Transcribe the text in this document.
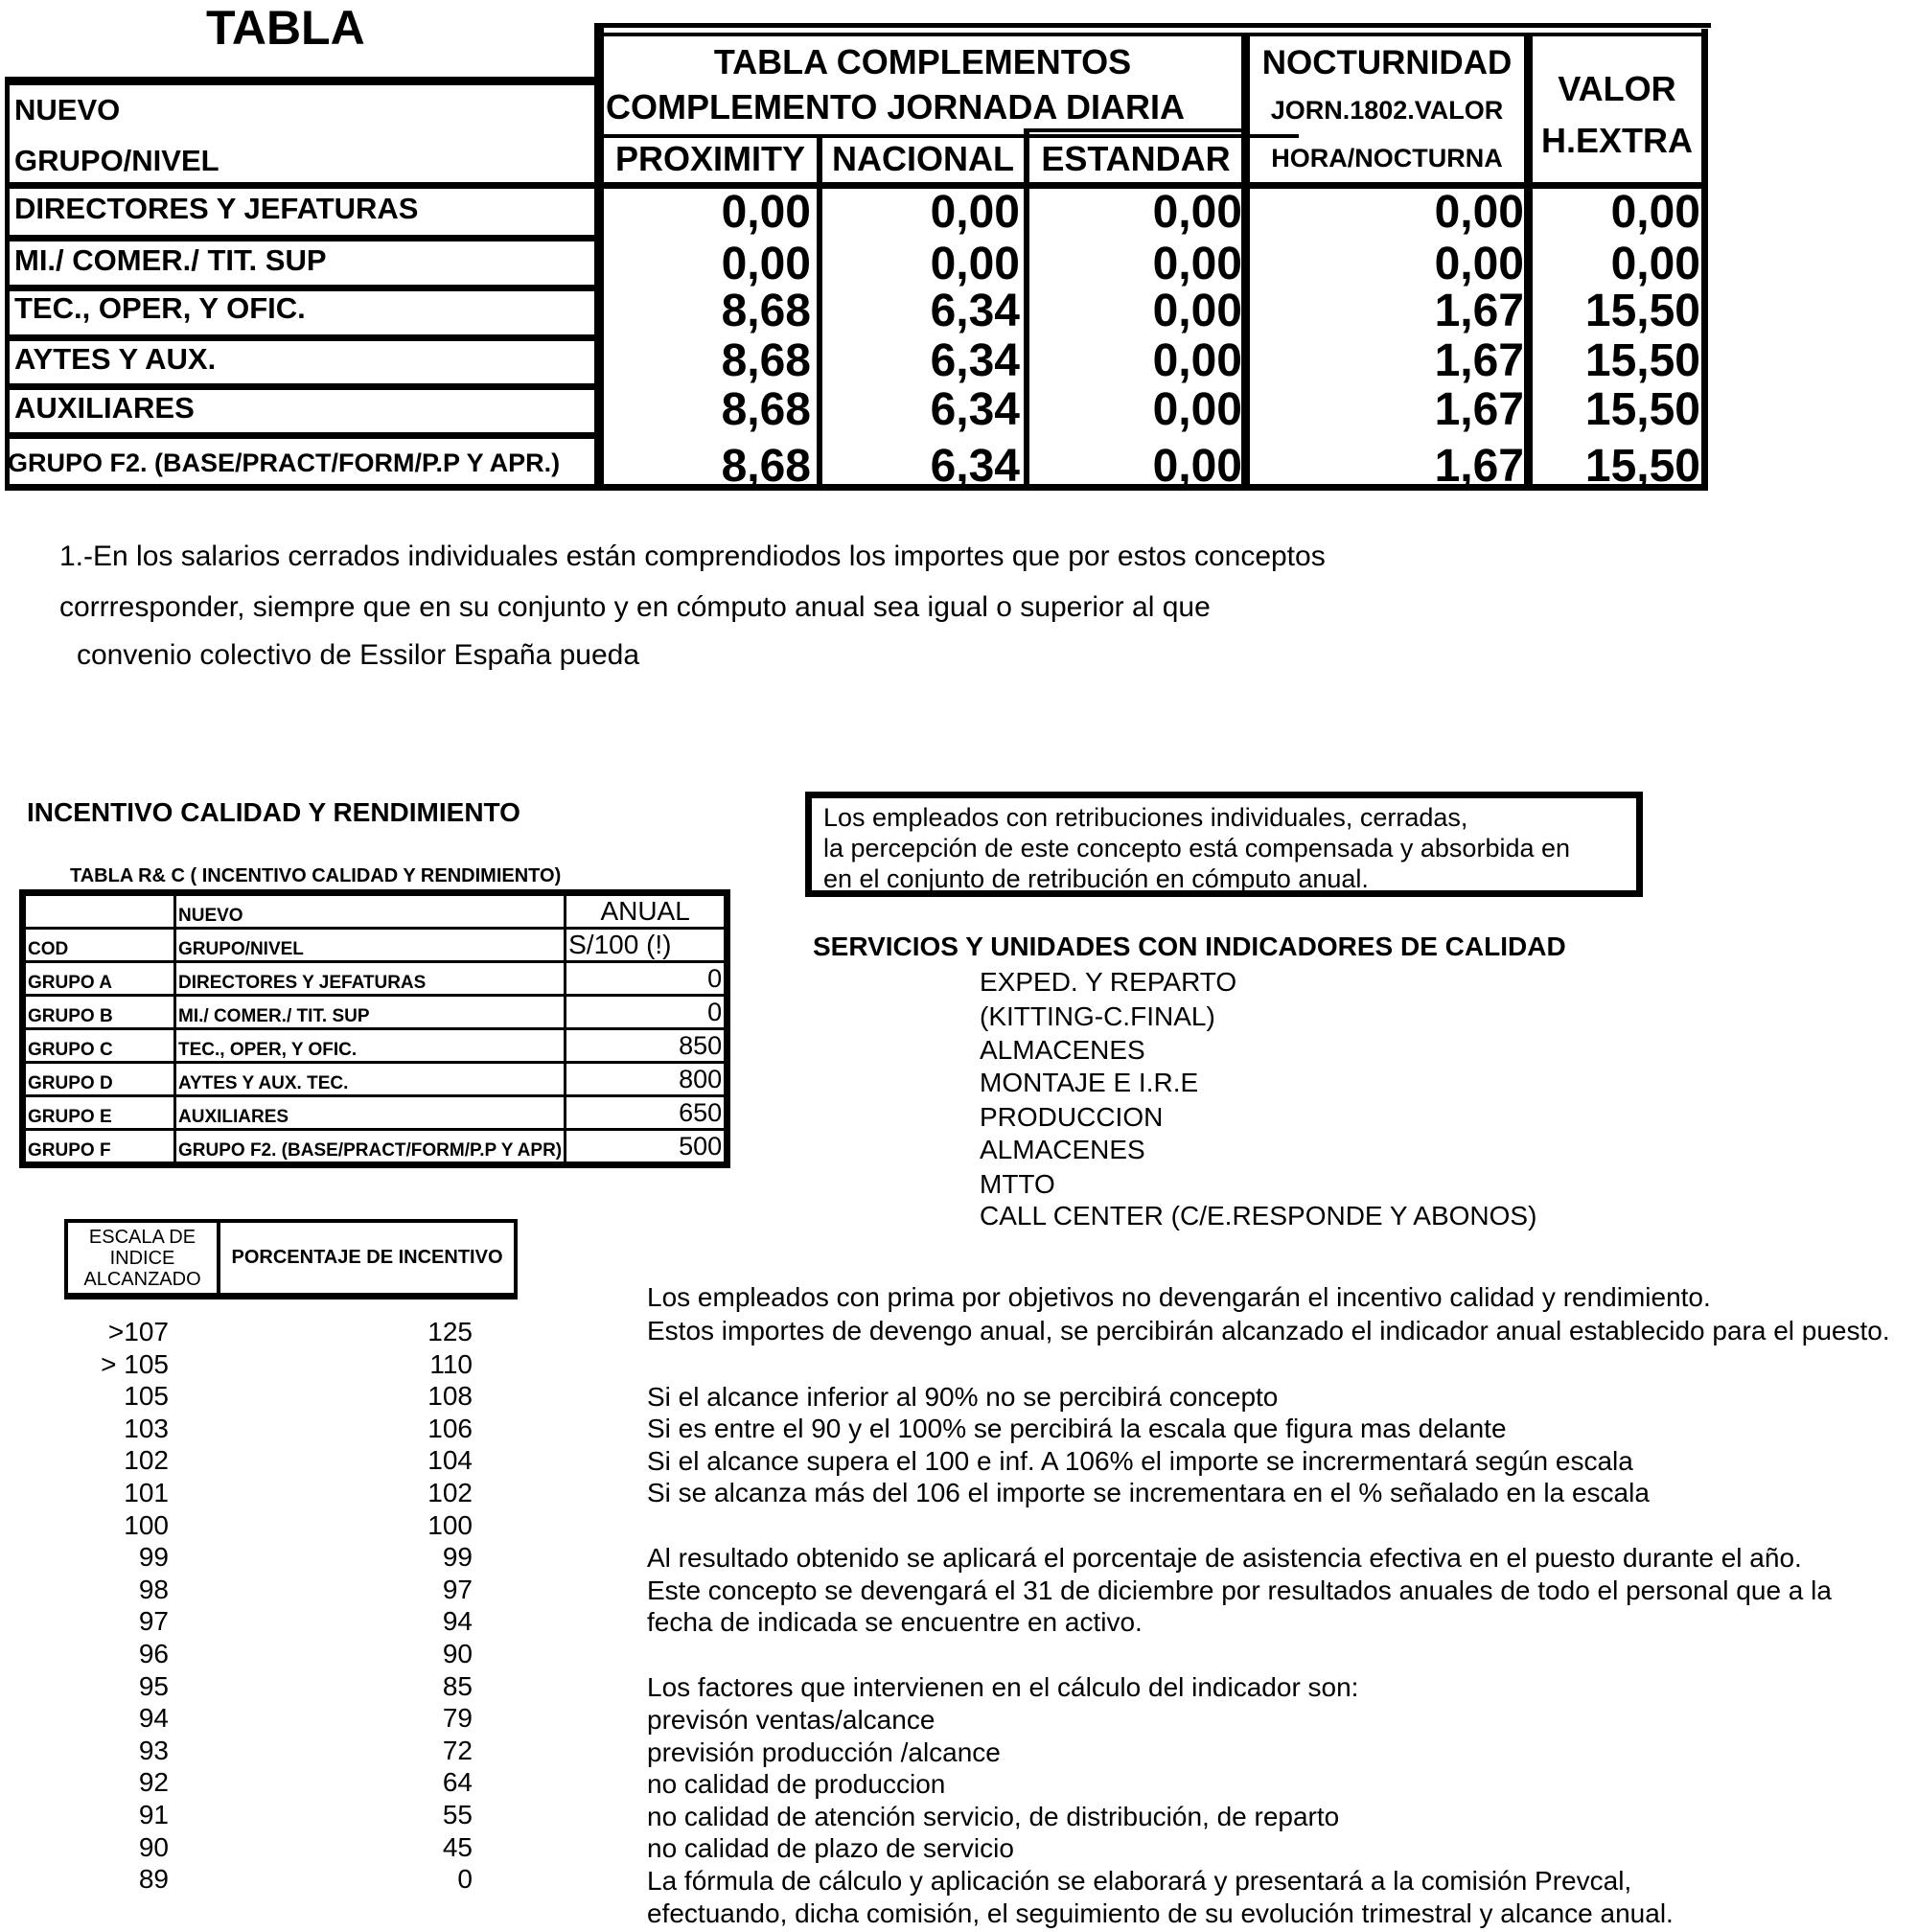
TABLA
NUEVO
GRUPO/NIVEL
TABLA COMPLEMENTOS
COMPLEMENTO JORNADA DIARIA
PROXIMITY NACIONAL ESTANDAR
NOCTURNIDAD
JORN.1802.VALOR
HORA/NOCTURNA
VALOR
H.EXTRA
DIRECTORES Y JEFATURAS	0,00	0,00	0,00	0,00 0,00
MI./ COMER./ TIT. SUP	0,00	0,00	0,00	0,00 0,00
TEC., OPER, Y OFIC.	8,68	6,34	0,00	1,67 15,50
AYTES Y AUX.	8,68	6,34	0,00	1,67 15,50
AUXILIARES	8,68	6,34	0,00	1,67 15,50
GRUPO F2. (BASE/PRACT/FORM/P.P Y APR.)	8,68	6,34	0,00	1,67 15,50
1.-En los salarios cerrados individuales están comprendiodos los importes que por estos conceptos
corrresponder, siempre que en su conjunto y en cómputo anual sea igual o superior al que
convenio colectivo de Essilor España pueda
INCENTIVO CALIDAD Y RENDIMIENTO
TABLA R& C ( INCENTIVO CALIDAD Y RENDIMIENTO)
	NUEVO	ANUAL
COD	GRUPO/NIVEL	S/100 (!)
GRUPO A	DIRECTORES Y JEFATURAS	0
GRUPO B	MI./ COMER./ TIT. SUP	0
GRUPO C	TEC., OPER, Y OFIC.	850
GRUPO D	AYTES Y AUX. TEC.	800
GRUPO E	AUXILIARES	650
GRUPO F	GRUPO F2. (BASE/PRACT/FORM/P.P Y APR)	500
ESCALA DE
INDICE
ALCANZADO
PORCENTAJE DE INCENTIVO
>107	125
> 105	110
105	108
103	106
102	104
101	102
100	100
99	99
98	97
97	94
96	90
95	85
94	79
93	72
92	64
91	55
90	45
89	0
Los empleados con retribuciones individuales, cerradas,
la percepción de este concepto está compensada y absorbida en
en el conjunto de retribución en cómputo anual.
SERVICIOS Y UNIDADES CON INDICADORES DE CALIDAD
EXPED. Y REPARTO
(KITTING-C.FINAL)
ALMACENES
MONTAJE E I.R.E
PRODUCCION
ALMACENES
MTTO
CALL CENTER (C/E.RESPONDE Y ABONOS)
Los empleados con prima por objetivos no devengarán el incentivo calidad y rendimiento.
Estos importes de devengo anual, se percibirán alcanzado el indicador anual establecido para el puesto.
Si el alcance inferior al 90% no se percibirá concepto
Si es entre el 90 y el 100% se percibirá la escala que figura mas delante
Si el alcance supera el 100 e inf. A 106% el importe se incrermentará según escala
Si se alcanza más del 106 el importe se incrementara en el % señalado en la escala
Al resultado obtenido se aplicará el porcentaje de asistencia efectiva en el puesto durante el año.
Este concepto se devengará el 31 de diciembre por resultados anuales de todo el personal que a la
fecha de indicada se encuentre en activo.
Los factores que intervienen en el cálculo del indicador son:
previsón ventas/alcance
previsión producción /alcance
no calidad de produccion
no calidad de atención servicio, de distribución, de reparto
no calidad de plazo de servicio
La fórmula de cálculo y aplicación se elaborará y presentará a la comisión Prevcal,
efectuando, dicha comisión, el seguimiento de su evolución trimestral y alcance anual.
